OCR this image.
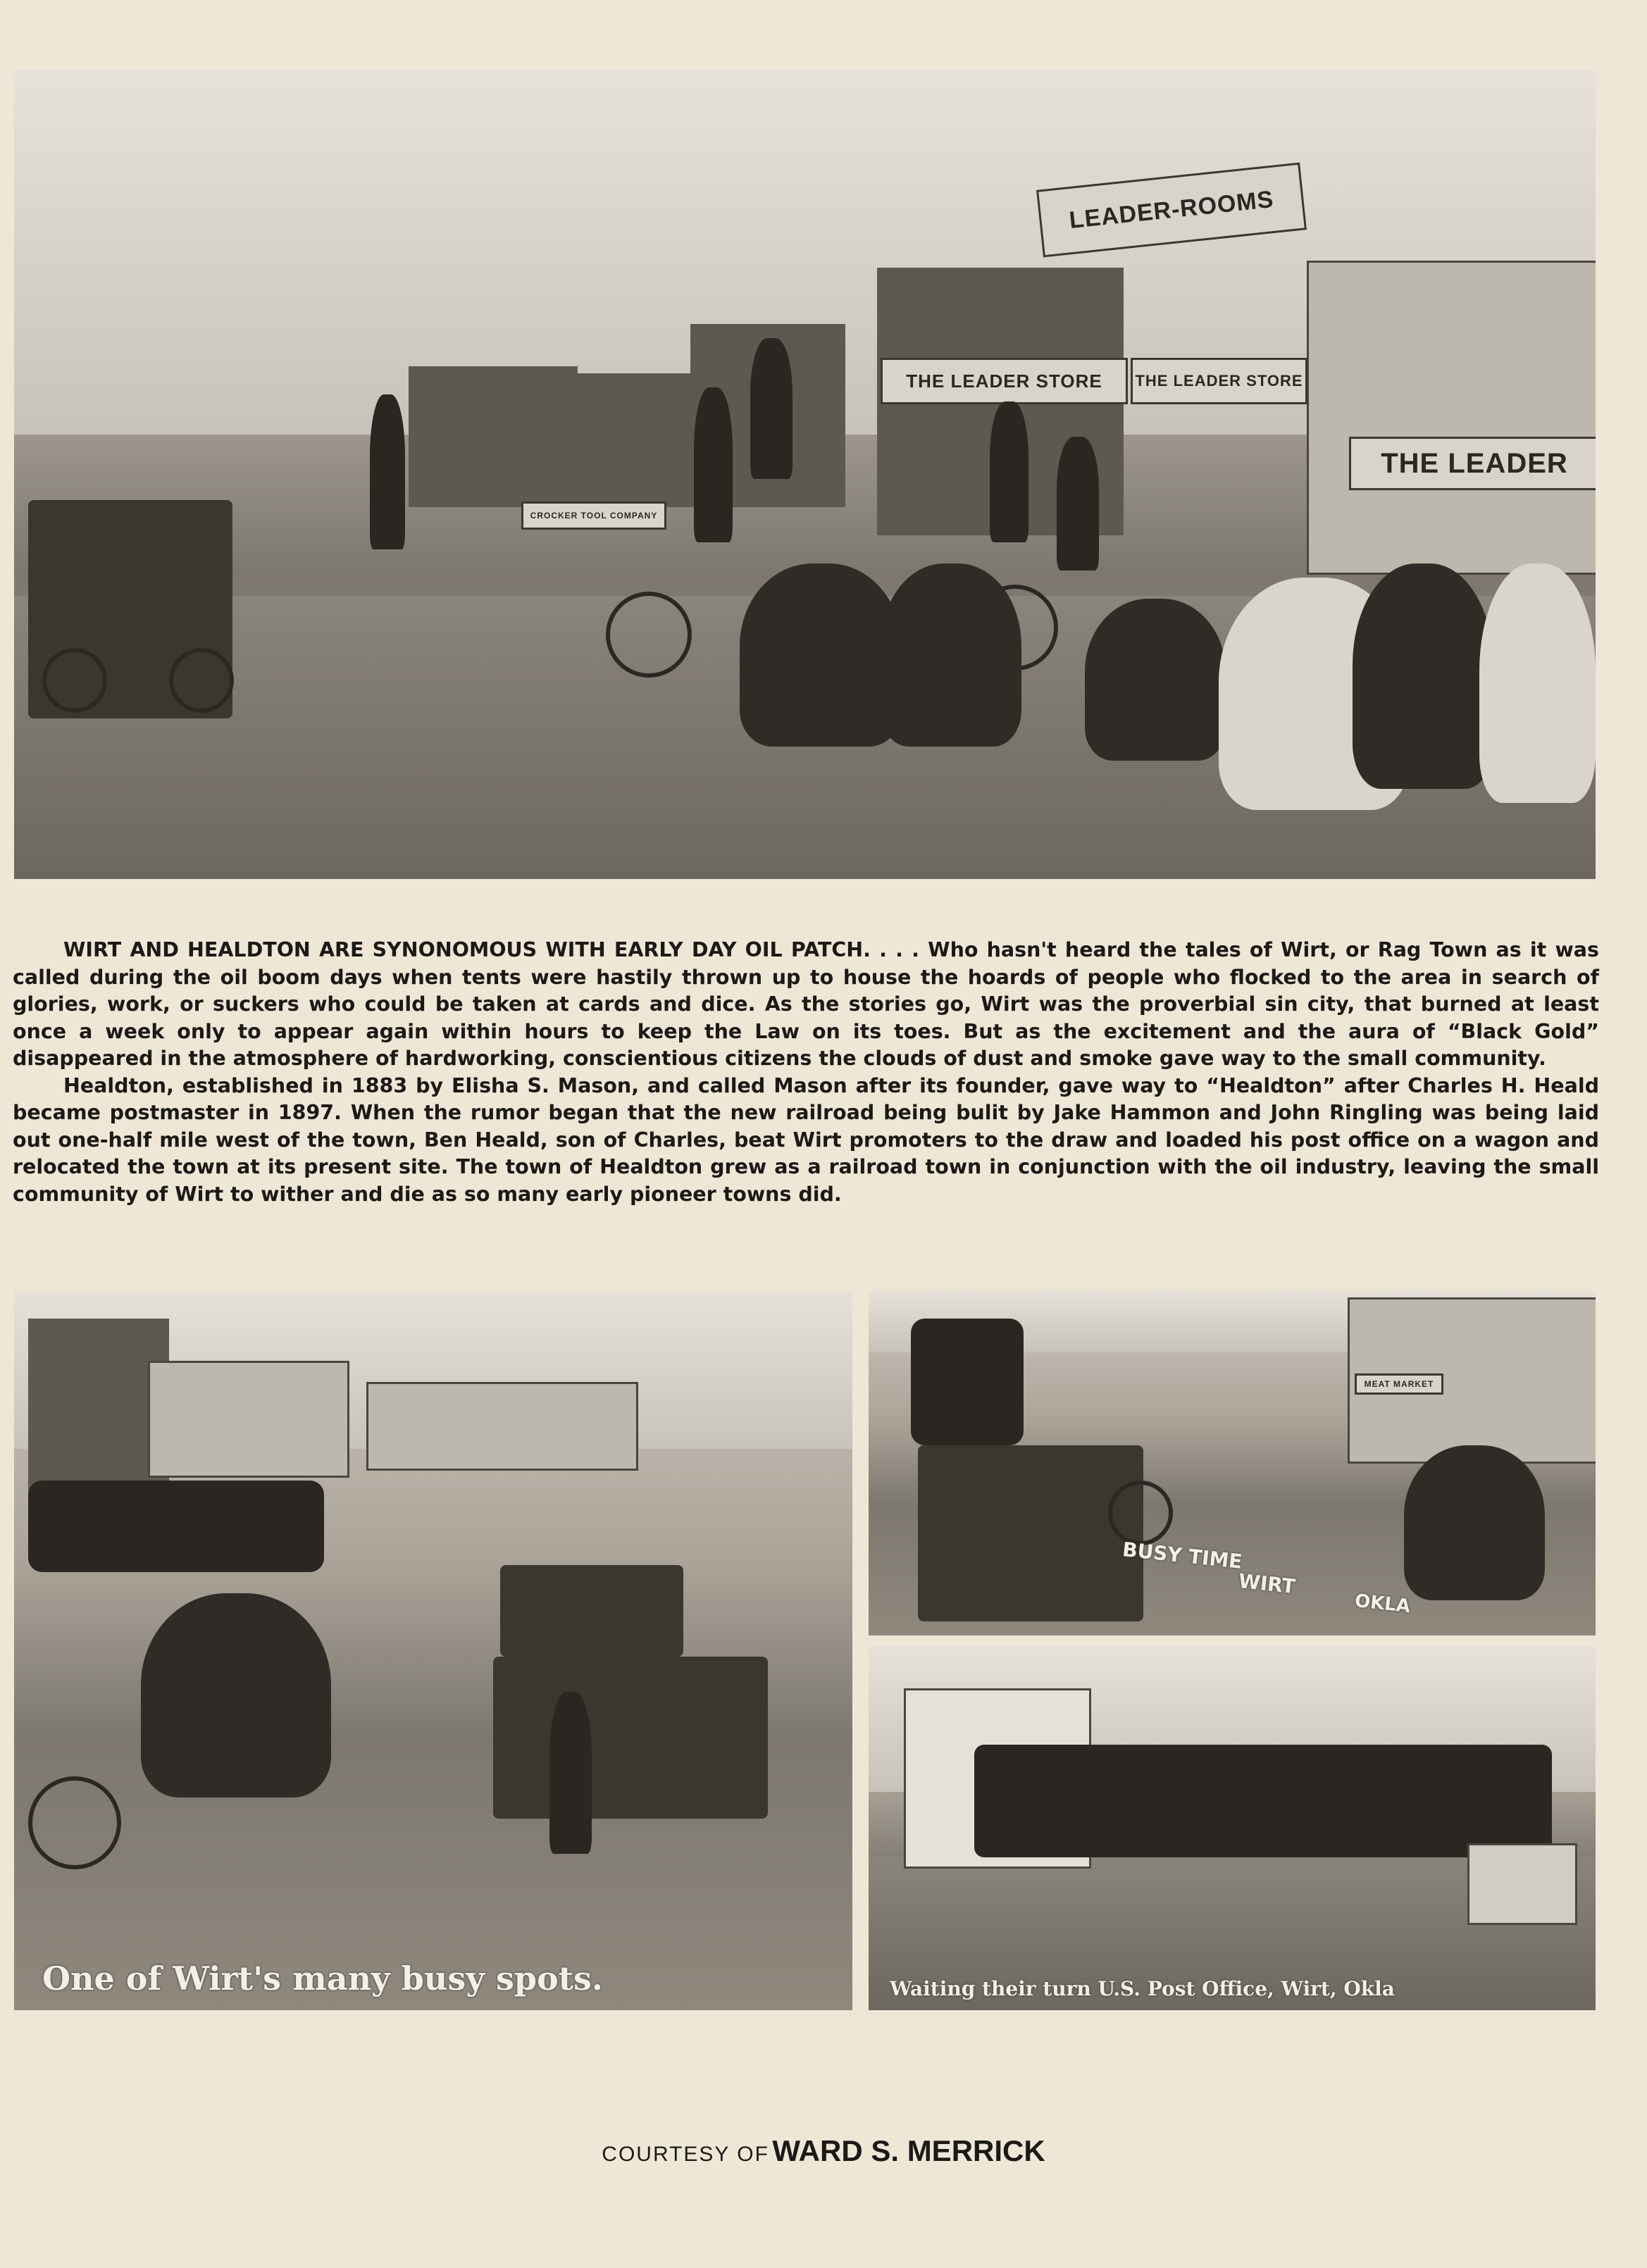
LEADER-ROOMS
THE LEADER STORE	THE LEADER STORE
THE LEADER
CROCKER TOOL COMPANY

WIRT AND HEALDTON ARE SYNONOMOUS WITH EARLY DAY OIL PATCH. . . . Who hasn't heard the tales of Wirt, or Rag Town as it was called during the oil boom days when tents were hastily thrown up to house the hoards of people who flocked to the area in search of glories, work, or suckers who could be taken at cards and dice. As the stories go, Wirt was the proverbial sin city, that burned at least once a week only to appear again within hours to keep the Law on its toes. But as the excitement and the aura of “Black Gold” disappeared in the atmosphere of hardworking, conscientious citizens the clouds of dust and smoke gave way to the small community.

Healdton, established in 1883 by Elisha S. Mason, and called Mason after its founder, gave way to “Healdton” after Charles H. Heald became postmaster in 1897. When the rumor began that the new railroad being bulit by Jake Hammon and John Ringling was being laid out one-half mile west of the town, Ben Heald, son of Charles, beat Wirt promoters to the draw and loaded his post office on a wagon and relocated the town at its present site. The town of Healdton grew as a railroad town in conjunction with the oil industry, leaving the small community of Wirt to wither and die as so many early pioneer towns did.

One of Wirt's many busy spots.
MEAT MARKET
BUSY TIME
WIRT
OKLA
Waiting their turn U.S. Post Office, Wirt, Okla
COURTESY OF WARD S. MERRICK
